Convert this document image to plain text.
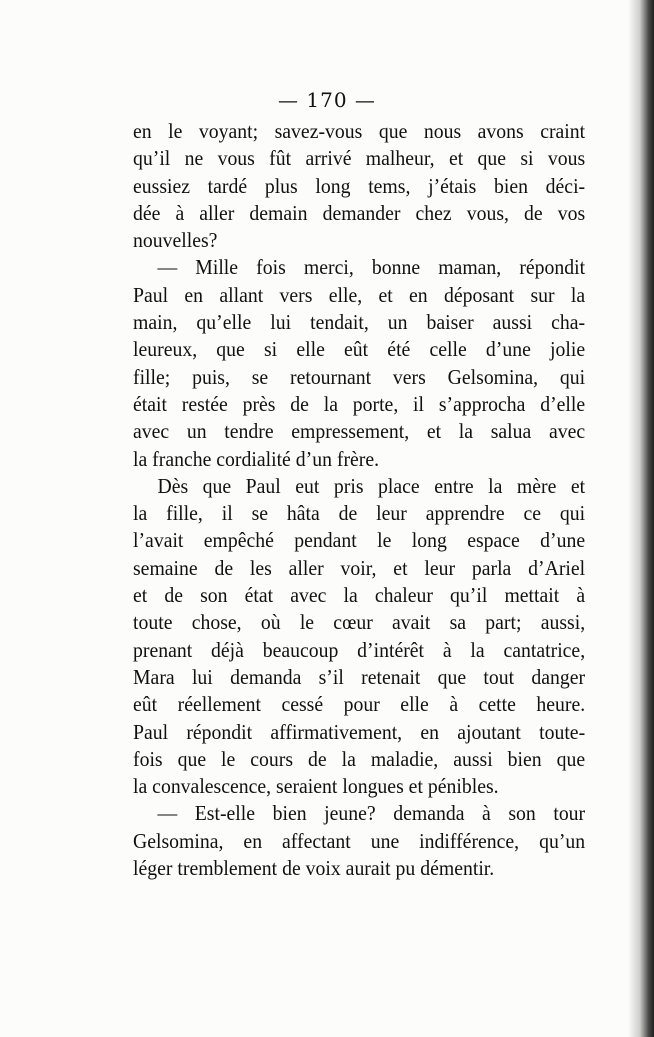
— 170 —
en le voyant; savez-vous que nous avons craint
qu’il ne vous fût arrivé malheur, et que si vous
eussiez tardé plus long tems, j’étais bien déci-
dée à aller demain demander chez vous, de vos
nouvelles?
— Mille fois merci, bonne maman, répondit
Paul en allant vers elle, et en déposant sur la
main, qu’elle lui tendait, un baiser aussi cha-
leureux, que si elle eût été celle d’une jolie
fille; puis, se retournant vers Gelsomina, qui
était restée près de la porte, il s’approcha d’elle
avec un tendre empressement, et la salua avec
la franche cordialité d’un frère.
Dès que Paul eut pris place entre la mère et
la fille, il se hâta de leur apprendre ce qui
l’avait empêché pendant le long espace d’une
semaine de les aller voir, et leur parla d’Ariel
et de son état avec la chaleur qu’il mettait à
toute chose, où le cœur avait sa part; aussi,
prenant déjà beaucoup d’intérêt à la cantatrice,
Mara lui demanda s’il retenait que tout danger
eût réellement cessé pour elle à cette heure.
Paul répondit affirmativement, en ajoutant toute-
fois que le cours de la maladie, aussi bien que
la convalescence, seraient longues et pénibles.
— Est-elle bien jeune? demanda à son tour
Gelsomina, en affectant une indifférence, qu’un
léger tremblement de voix aurait pu démentir.
